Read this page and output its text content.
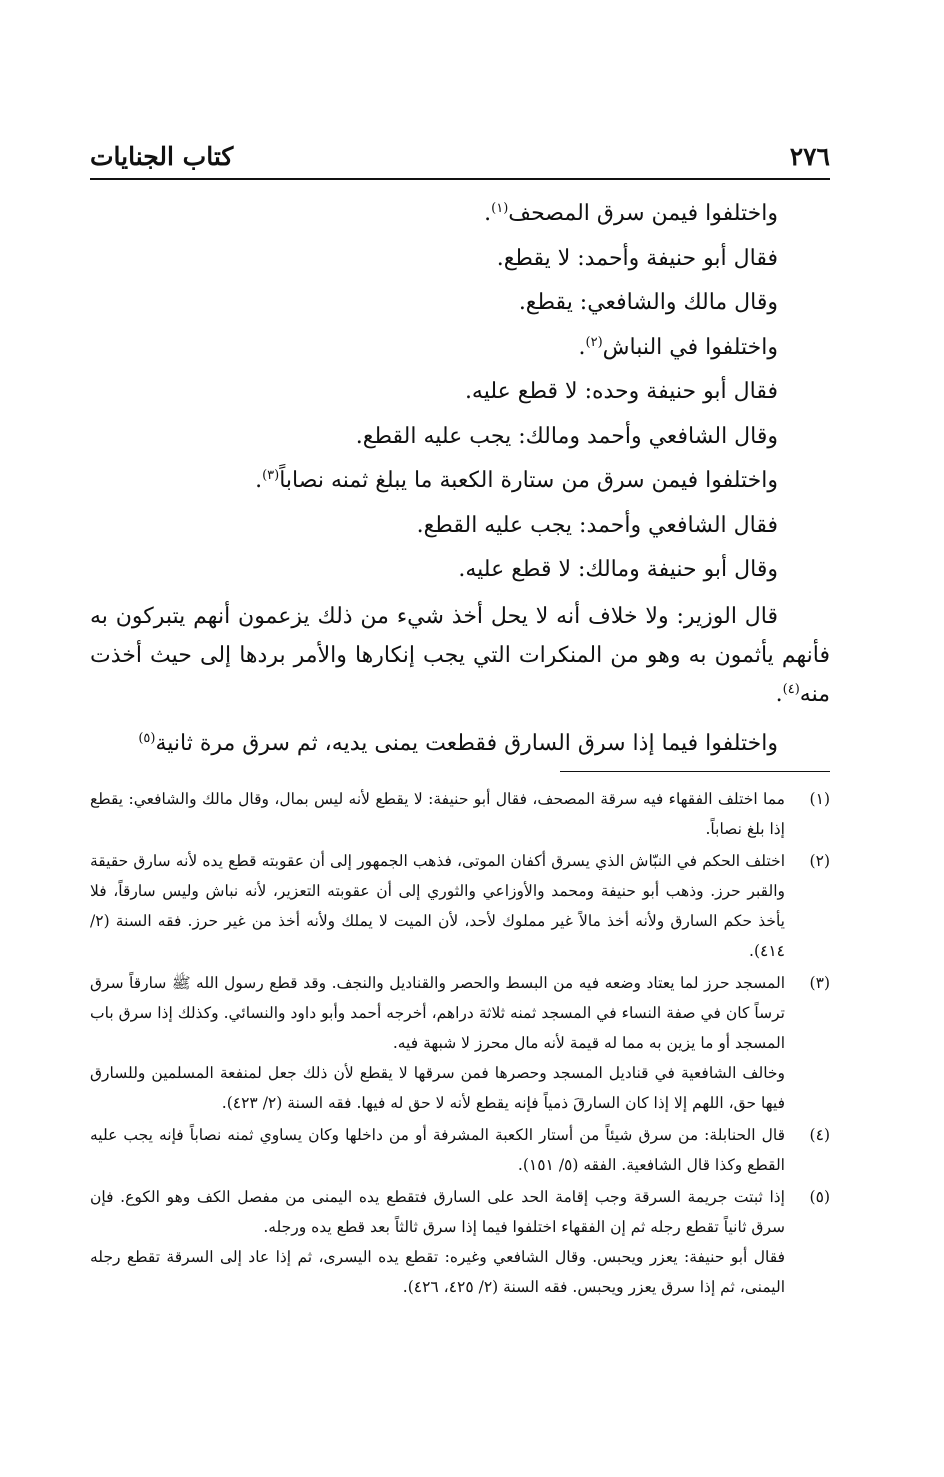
٢٧٦
كتاب الجنايات
واختلفوا فيمن سرق المصحف$^{(١)}$.
فقال أبو حنيفة وأحمد: لا يقطع.
وقال مالك والشافعي: يقطع.
واختلفوا في النباش$^{(٢)}$.
فقال أبو حنيفة وحده: لا قطع عليه.
وقال الشافعي وأحمد ومالك: يجب عليه القطع.
واختلفوا فيمن سرق من ستارة الكعبة ما يبلغ ثمنه نصاباً$^{(٣)}$.
فقال الشافعي وأحمد: يجب عليه القطع.
وقال أبو حنيفة ومالك: لا قطع عليه.
قال الوزير: ولا خلاف أنه لا يحل أخذ شيء من ذلك يزعمون أنهم يتبركون به فأنهم يأثمون به وهو من المنكرات التي يجب إنكارها والأمر بردها إلى حيث أخذت منه$^{(٤)}$.
واختلفوا فيما إذا سرق السارق فقطعت يمنى يديه، ثم سرق مرة ثانية$^{(٥)}$
(١)

مما اختلف الفقهاء فيه سرقة المصحف، فقال أبو حنيفة: لا يقطع لأنه ليس بمال، وقال مالك والشافعي: يقطع إذا بلغ نصاباً.

(٢)

اختلف الحكم في النبّاش الذي يسرق أكفان الموتى، فذهب الجمهور إلى أن عقوبته قطع يده لأنه سارق حقيقة والقبر حرز. وذهب أبو حنيفة ومحمد والأوزاعي والثوري إلى أن عقوبته التعزير، لأنه نباش وليس سارقاً، فلا يأخذ حكم السارق ولأنه أخذ مالاً غير مملوك لأحد، لأن الميت لا يملك ولأنه أخذ من غير حرز. فقه السنة (٢/ ٤١٤).

(٣)

المسجد حرز لما يعتاد وضعه فيه من البسط والحصر والقناديل والنجف. وقد قطع رسول الله ﷺ سارقاً سرق ترساً كان في صفة النساء في المسجد ثمنه ثلاثة دراهم، أخرجه أحمد وأبو داود والنسائي. وكذلك إذا سرق باب المسجد أو ما يزين به مما له قيمة لأنه مال محرز لا شبهة فيه.

وخالف الشافعية في قناديل المسجد وحصرها فمن سرقها لا يقطع لأن ذلك جعل لمنفعة المسلمين وللسارق فيها حق، اللهم إلا إذا كان السارقَ ذمياً فإنه يقطع لأنه لا حق له فيها. فقه السنة (٢/ ٤٢٣).

(٤)

قال الحنابلة: من سرق شيئاً من أستار الكعبة المشرفة أو من داخلها وكان يساوي ثمنه نصاباً فإنه يجب عليه القطع وكذا قال الشافعية. الفقه (٥/ ١٥١).

(٥)

إذا ثبتت جريمة السرقة وجب إقامة الحد على السارق فتقطع يده اليمنى من مفصل الكف وهو الكوع. فإن سرق ثانياً تقطع رجله ثم إن الفقهاء اختلفوا فيما إذا سرق ثالثاً بعد قطع يده ورجله.

فقال أبو حنيفة: يعزر ويحبس. وقال الشافعي وغيره: تقطع يده اليسرى، ثم إذا عاد إلى السرقة تقطع رجله اليمنى، ثم إذا سرق يعزر ويحبس. فقه السنة (٢/ ٤٢٥، ٤٢٦).
